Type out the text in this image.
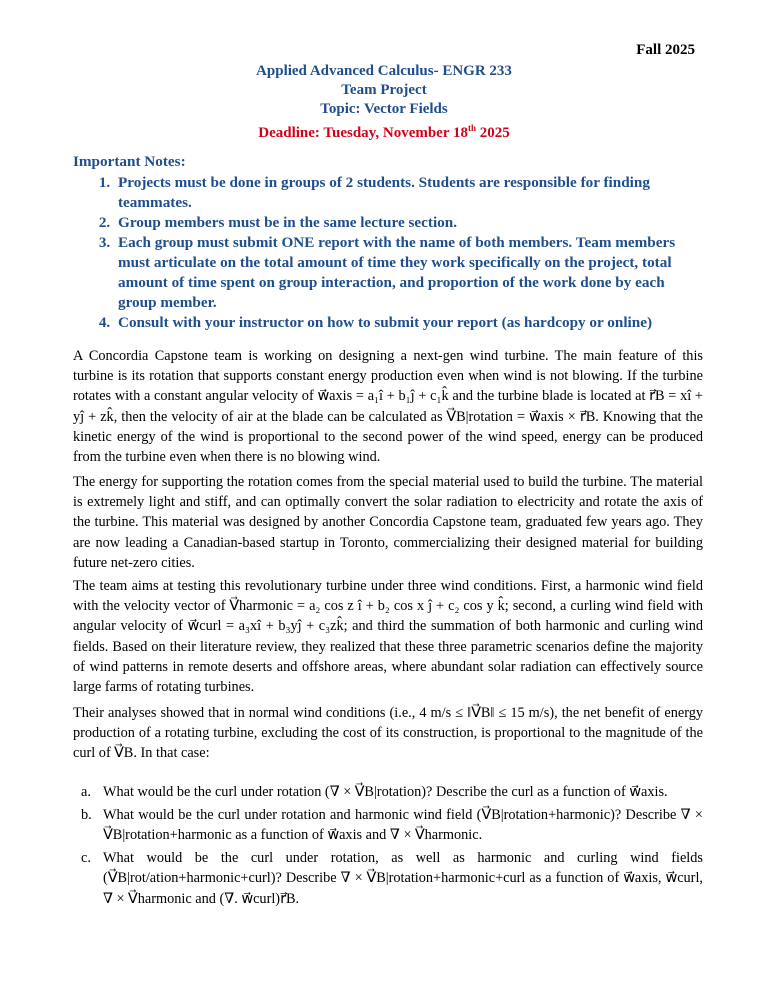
Fall 2025
Applied Advanced Calculus- ENGR 233
Team Project
Topic: Vector Fields
Deadline: Tuesday, November 18th 2025
Important Notes:
1. Projects must be done in groups of 2 students. Students are responsible for finding teammates.
2. Group members must be in the same lecture section.
3. Each group must submit ONE report with the name of both members. Team members must articulate on the total amount of time they work specifically on the project, total amount of time spent on group interaction, and proportion of the work done by each group member.
4. Consult with your instructor on how to submit your report (as hardcopy or online)
A Concordia Capstone team is working on designing a next-gen wind turbine. The main feature of this turbine is its rotation that supports constant energy production even when wind is not blowing. If the turbine rotates with a constant angular velocity of w⃗axis = a₁î + b₁ĵ + c₁k̂ and the turbine blade is located at r⃗B = xî + yĵ + zk̂, then the velocity of air at the blade can be calculated as V⃗B|rotation = w⃗axis × r⃗B. Knowing that the kinetic energy of the wind is proportional to the second power of the wind speed, energy can be produced from the turbine even when there is no blowing wind.
The energy for supporting the rotation comes from the special material used to build the turbine. The material is extremely light and stiff, and can optimally convert the solar radiation to electricity and rotate the axis of the turbine. This material was designed by another Concordia Capstone team, graduated few years ago. They are now leading a Canadian-based startup in Toronto, commercializing their designed material for building future net-zero cities.
The team aims at testing this revolutionary turbine under three wind conditions. First, a harmonic wind field with the velocity vector of V⃗harmonic = a₂ cos z î + b₂ cos x ĵ + c₂ cos y k̂; second, a curling wind field with angular velocity of w⃗curl = a₃xî + b₃yĵ + c₃zk̂; and third the summation of both harmonic and curling wind fields. Based on their literature review, they realized that these three parametric scenarios define the majority of wind patterns in remote deserts and offshore areas, where abundant solar radiation can effectively source large farms of rotating turbines.
Their analyses showed that in normal wind conditions (i.e., 4 m/s ≤ ‖V⃗B‖ ≤ 15 m/s), the net benefit of energy production of a rotating turbine, excluding the cost of its construction, is proportional to the magnitude of the curl of V⃗B. In that case:
a. What would be the curl under rotation (∇ × V⃗B|rotation)? Describe the curl as a function of w⃗axis.
b. What would be the curl under rotation and harmonic wind field (V⃗B|rotation+harmonic)? Describe ∇ × V⃗B|rotation+harmonic as a function of w⃗axis and ∇ × V⃗harmonic.
c. What would be the curl under rotation, as well as harmonic and curling wind fields (V⃗B|rot/ation+harmonic+curl)? Describe ∇ × V⃗B|rotation+harmonic+curl as a function of w⃗axis, w⃗curl, ∇ × V⃗harmonic and (∇. w⃗curl)r⃗B.
